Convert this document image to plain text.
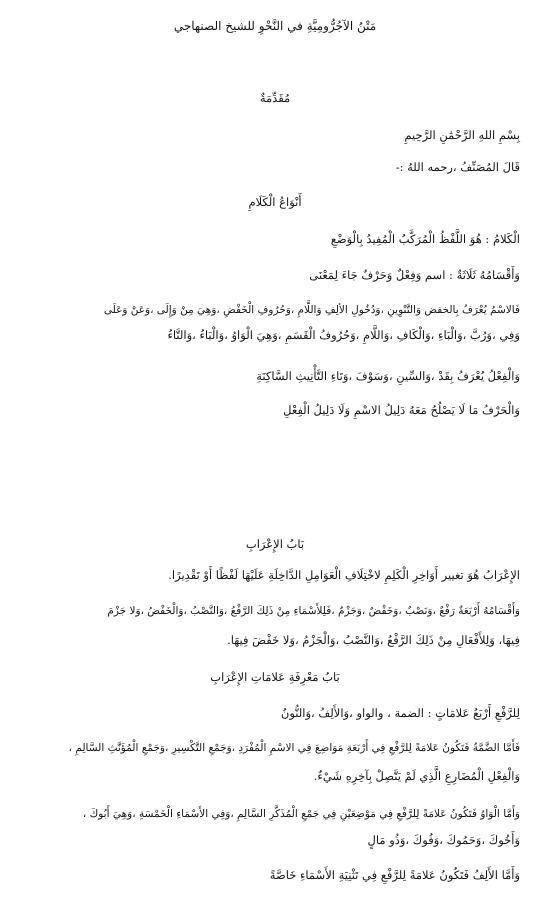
مَتْنُ الآجُرُّومِيَّةِ في النَّحْوِ للشيخ الصنهاجي
مُقَدِّمَةٌ
بِسْمِ اللهِ الرَّحْمَٰنِ الرَّحِيمِ
قَالَ المُصَنِّفُ ،رحمه اللهُ :-
أَنْوَاعُ الْكَلَامِ
الْكَلامُ : هُوَ اللَّفْظُ الْمُرَكَّبُ الْمُفِيدُ بِالْوَضْعِ
وَأَقْسَامُهُ ثَلَاثَةٌ : اسم وَفِعْلٌ وَحَرْفٌ جَاءَ لِمَعْنَى
فَالاسْمُ يُعْرَفُ بِالخفض وَالتَّنْوِينِ ،وَدُخُولِ الألِفِ وَاللَّامِ ،وَحُرُوفِ الْخَفْضِ ،وَهِيَ مِنْ وَإِلَى ،وَعَنْ وَعَلَى
وَفِي ،وَرُبَّ ،وَالْبَاءِ ،وَالْكَافِ ،وَاللَّامِ ،وَحُرُوفُ الْقَسَمِ ،وَهِيَ الْوَاوُ ،وَالْبَاءُ ،وَالتَّاءُ
وَالْفِعْلُ يُعْرَفُ بِقَدْ ،وَالسِّينِ ،وَسَوْفَ ،وَتَاءِ التَّأْنِيثِ السَّاكِنَةِ
وَالْحَرْفُ مَا لَا يَصْلُحُ مَعَهُ دَلِيلُ الاسْمِ وَلَا دَلِيلُ الْفِعْلِ
بَابُ الإِعْرَابِ
الإِعْرَابُ هُوَ تغيير أَوَاخِرِ الْكَلِمِ لاخْتِلَافِ الْعَوَامِلِ الدَّاخِلَةِ عَلَيْهَا لَفْظًا أَوْ تَقْدِيرًا.
وَأَقْسَامُهُ أَرْبَعَةٌ رَفْعٌ ،وَنَصْبٌ ،وَخَفْضٌ ،وَجَزْمٌ ،فَلِلأَسْمَاءِ مِنْ ذَلِكَ الرَّفْعُ ،وَالنَّصْبُ ،وَالْخَفْضُ ،وَلا جَزْمَ
فِيهَا، وَلِلأَفْعَالِ مِنْ ذَلِكَ الرَّفْعُ ،وَالنَّصْبُ ،وَالْجَزْمُ ،وَلا خَفْضَ فِيهَا.
بَابُ مَعْرِفَةِ عَلامَاتِ الإِعْرَابِ
لِلرَّفْعِ أَرْبَعُ عَلامَاتٍ : الضمة ، والواو ،وَالأَلِفُ ،وَالنُّونُ
فَأَمَّا الضَّمَّةُ فَتَكُونُ عَلامَةً لِلرَّفْعِ فِي أَرْبَعَةِ مَوَاضِعَ فِي الاسْمِ الْمُفْرَدِ ،وَجَمْعِ التَّكْسِيرِ ،وَجَمْعِ الْمُؤَنَّثِ السَّالِمِ ،
وَالْفِعْلِ الْمُضَارِعِ الَّذِي لَمْ يَتَّصِلْ بِآخِرِهِ شَيْءٌ.
وَأَمَّا الْوَاوُ فَتَكُونُ عَلامَةً لِلرَّفْعِ فِي مَوْضِعَيْنِ فِي جَمْعِ الْمُذَكَّرِ السَّالِمِ ،وَفِي الأَسْمَاءِ الْخَمْسَةِ ،وَهِيَ أَبُوكَ ،
وَأَخُوكَ ،وَحَمُوكَ ،وَفُوكَ ،وَذُو مَالٍ
وَأَمَّا الأَلِفُ فَتَكُونُ عَلامَةً لِلرَّفْعِ فِي تَثْنِيَةِ الأَسْمَاءِ خَاصَّةً
